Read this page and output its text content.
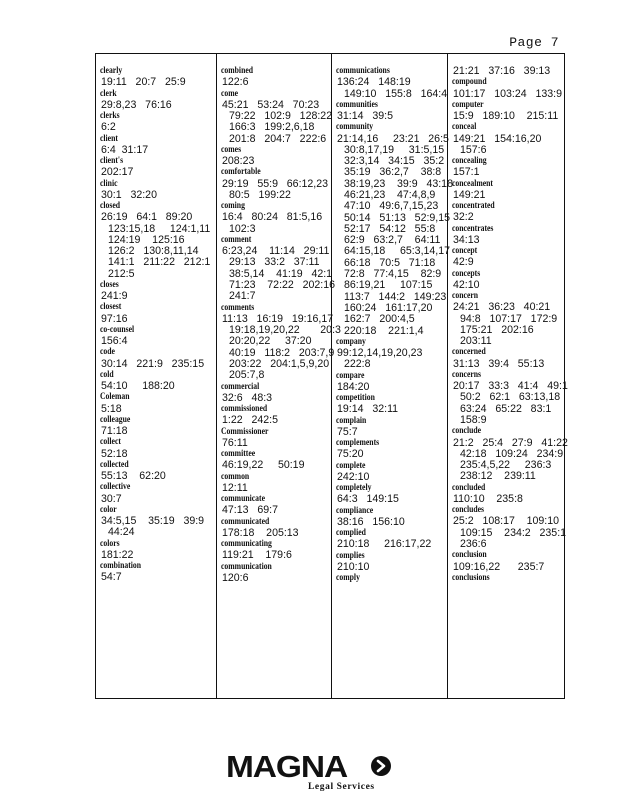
Page 7
clearly
19:11   20:7   25:9
clerk
29:8,23   76:16
clerks
6:2
client
6:4  31:17
client's
202:17
clinic
30:1   32:20
closed
26:19   64:1   89:20
123:15,18     124:1,11
124:19    125:16
126:2   130:8,11,14
141:1   211:22   212:1
212:5
closes
241:9
closest
97:16
co-counsel
156:4
code
30:14   221:9   235:15
cold
54:10     188:20
Coleman
5:18
colleague
71:18
collect
52:18
collected
55:13    62:20
collective
30:7
color
34:5,15    35:19   39:9
44:24
colors
181:22
combination
54:7
combined
122:6
come
45:21   53:24   70:23
79:22   102:9   128:22
166:3   199:2,6,18
201:8   204:7   222:6
comes
208:23
comfortable
29:19   55:9   66:12,23
80:5   199:22
coming
16:4   80:24   81:5,16
102:3
comment
6:23,24    11:14   29:11
29:13   33:2   37:11
38:5,14    41:19   42:1
71:23    72:22   202:16
241:7
comments
11:13   16:19   19:16,17
19:18,19,20,22       20:3
20:20,22     37:20
40:19   118:2   203:7,9
203:22   204:1,5,9,20
205:7,8
commercial
32:6   48:3
commissioned
1:22   242:5
Commissioner
76:11
committee
46:19,22     50:19
common
12:11
communicate
47:13   69:7
communicated
178:18    205:13
communicating
119:21    179:6
communication
120:6
communications
136:24   148:19
149:10   155:8   164:4
communities
31:14   39:5
community
21:14,16     23:21   26:5
30:8,17,19     31:5,15
32:3,14   34:15   35:2
35:19   36:2,7    38:8
38:19,23    39:9   43:18
46:21,23    47:4,8,9
47:10   49:6,7,15,23
50:14   51:13   52:9,15
52:17   54:12   55:8
62:9   63:2,7    64:11
64:15,18     65:3,14,17
66:18   70:5   71:18
72:8   77:4,15    82:9
86:19,21     107:15
113:7   144:2   149:23
160:24   161:17,20
162:7   200:4,5
220:18    221:1,4
company
99:12,14,19,20,23
222:8
compare
184:20
competition
19:14   32:11
complain
75:7
complements
75:20
complete
242:10
completely
64:3   149:15
compliance
38:16   156:10
complied
210:18     216:17,22
complies
210:10
comply
21:21   37:16   39:13
compound
101:17   103:24   133:9
computer
15:9   189:10    215:11
conceal
149:21   154:16,20
157:6
concealing
157:1
concealment
149:21
concentrated
32:2
concentrates
34:13
concept
42:9
concepts
42:10
concern
24:21   36:23   40:21
94:8   107:17   172:9
175:21   202:16
203:11
concerned
31:13   39:4   55:13
concerns
20:17   33:3   41:4   49:1
50:2   62:1   63:13,18
63:24   65:22   83:1
158:9
conclude
21:2   25:4   27:9   41:22
42:18   109:24   234:9
235:4,5,22     236:3
238:12    239:11
concluded
110:10    235:8
concludes
25:2   108:17    109:10
109:15    234:2   235:1
236:6
conclusion
109:16,22      235:7
conclusions
MAGNA
Legal Services
